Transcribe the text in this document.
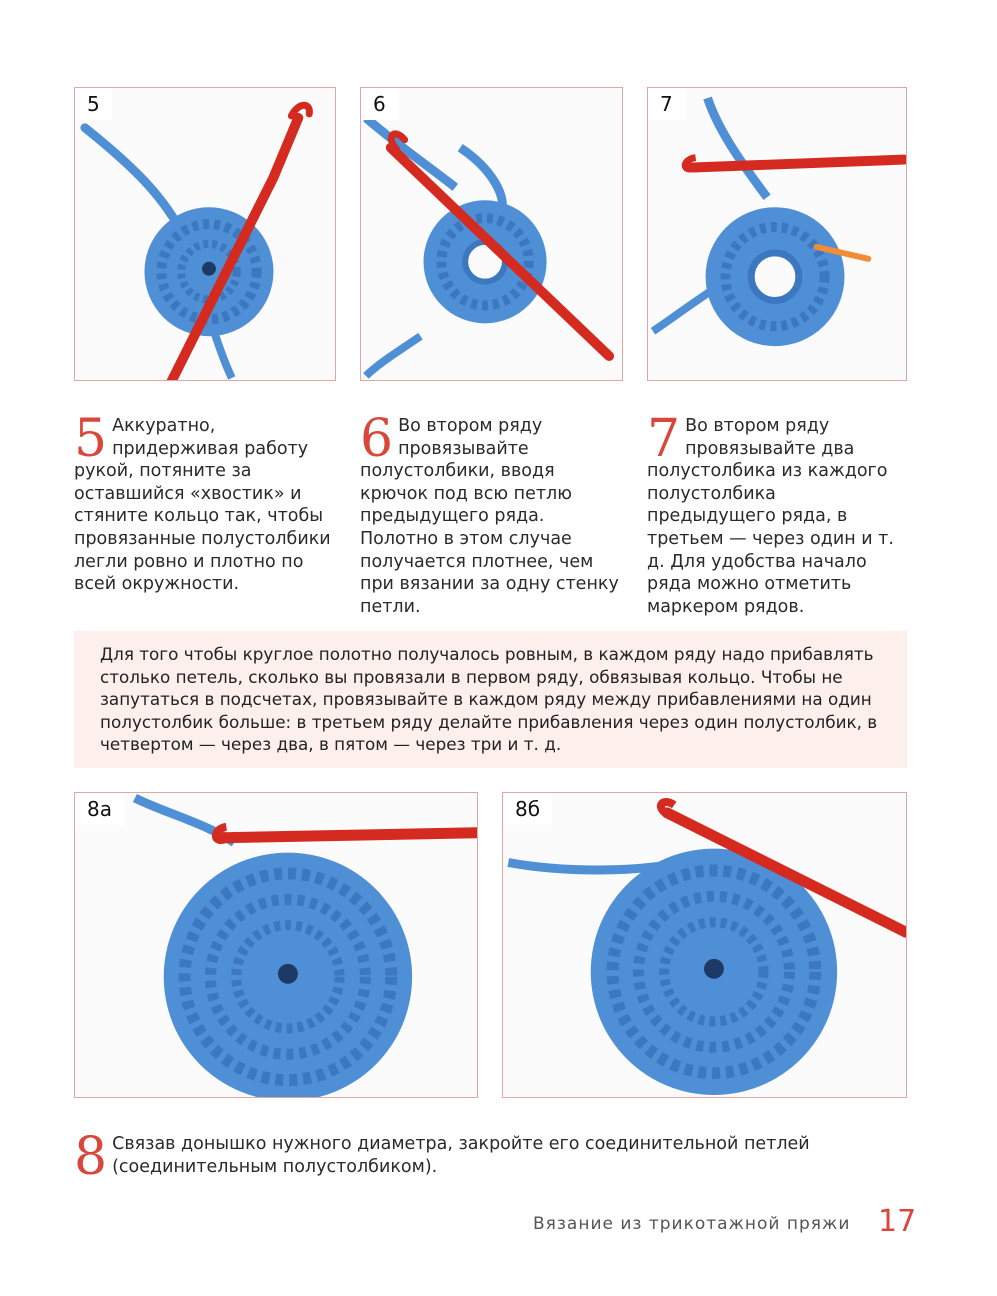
5	6	7
5 Аккуратно, придерживая работу рукой, потяните за оставшийся «хвостик» и стяните кольцо так, чтобы провязанные полустолбики легли ровно и плотно по всей окружности.
6 Во втором ряду провязывайте полустолбики, вводя крючок под всю петлю предыдущего ряда. Полотно в этом случае получается плотнее, чем при вязании за одну стенку петли.
7 Во втором ряду провязывайте два полустолбика из каждого полустолбика предыдущего ряда, в третьем — через один и т. д. Для удобства начало ряда можно отметить маркером рядов.
Для того чтобы круглое полотно получалось ровным, в каждом ряду надо прибавлять столько петель, сколько вы провязали в первом ряду, обвязывая кольцо. Чтобы не запутаться в подсчетах, провязывайте в каждом ряду между прибавлениями на один полустолбик больше: в третьем ряду делайте прибавления через один полустолбик, в четвертом — через два, в пятом — через три и т. д.
8а	8б
8 Связав донышко нужного диаметра, закройте его соединительной петлей (соединительным полустолбиком).
Вязание из трикотажной пряжи 17
